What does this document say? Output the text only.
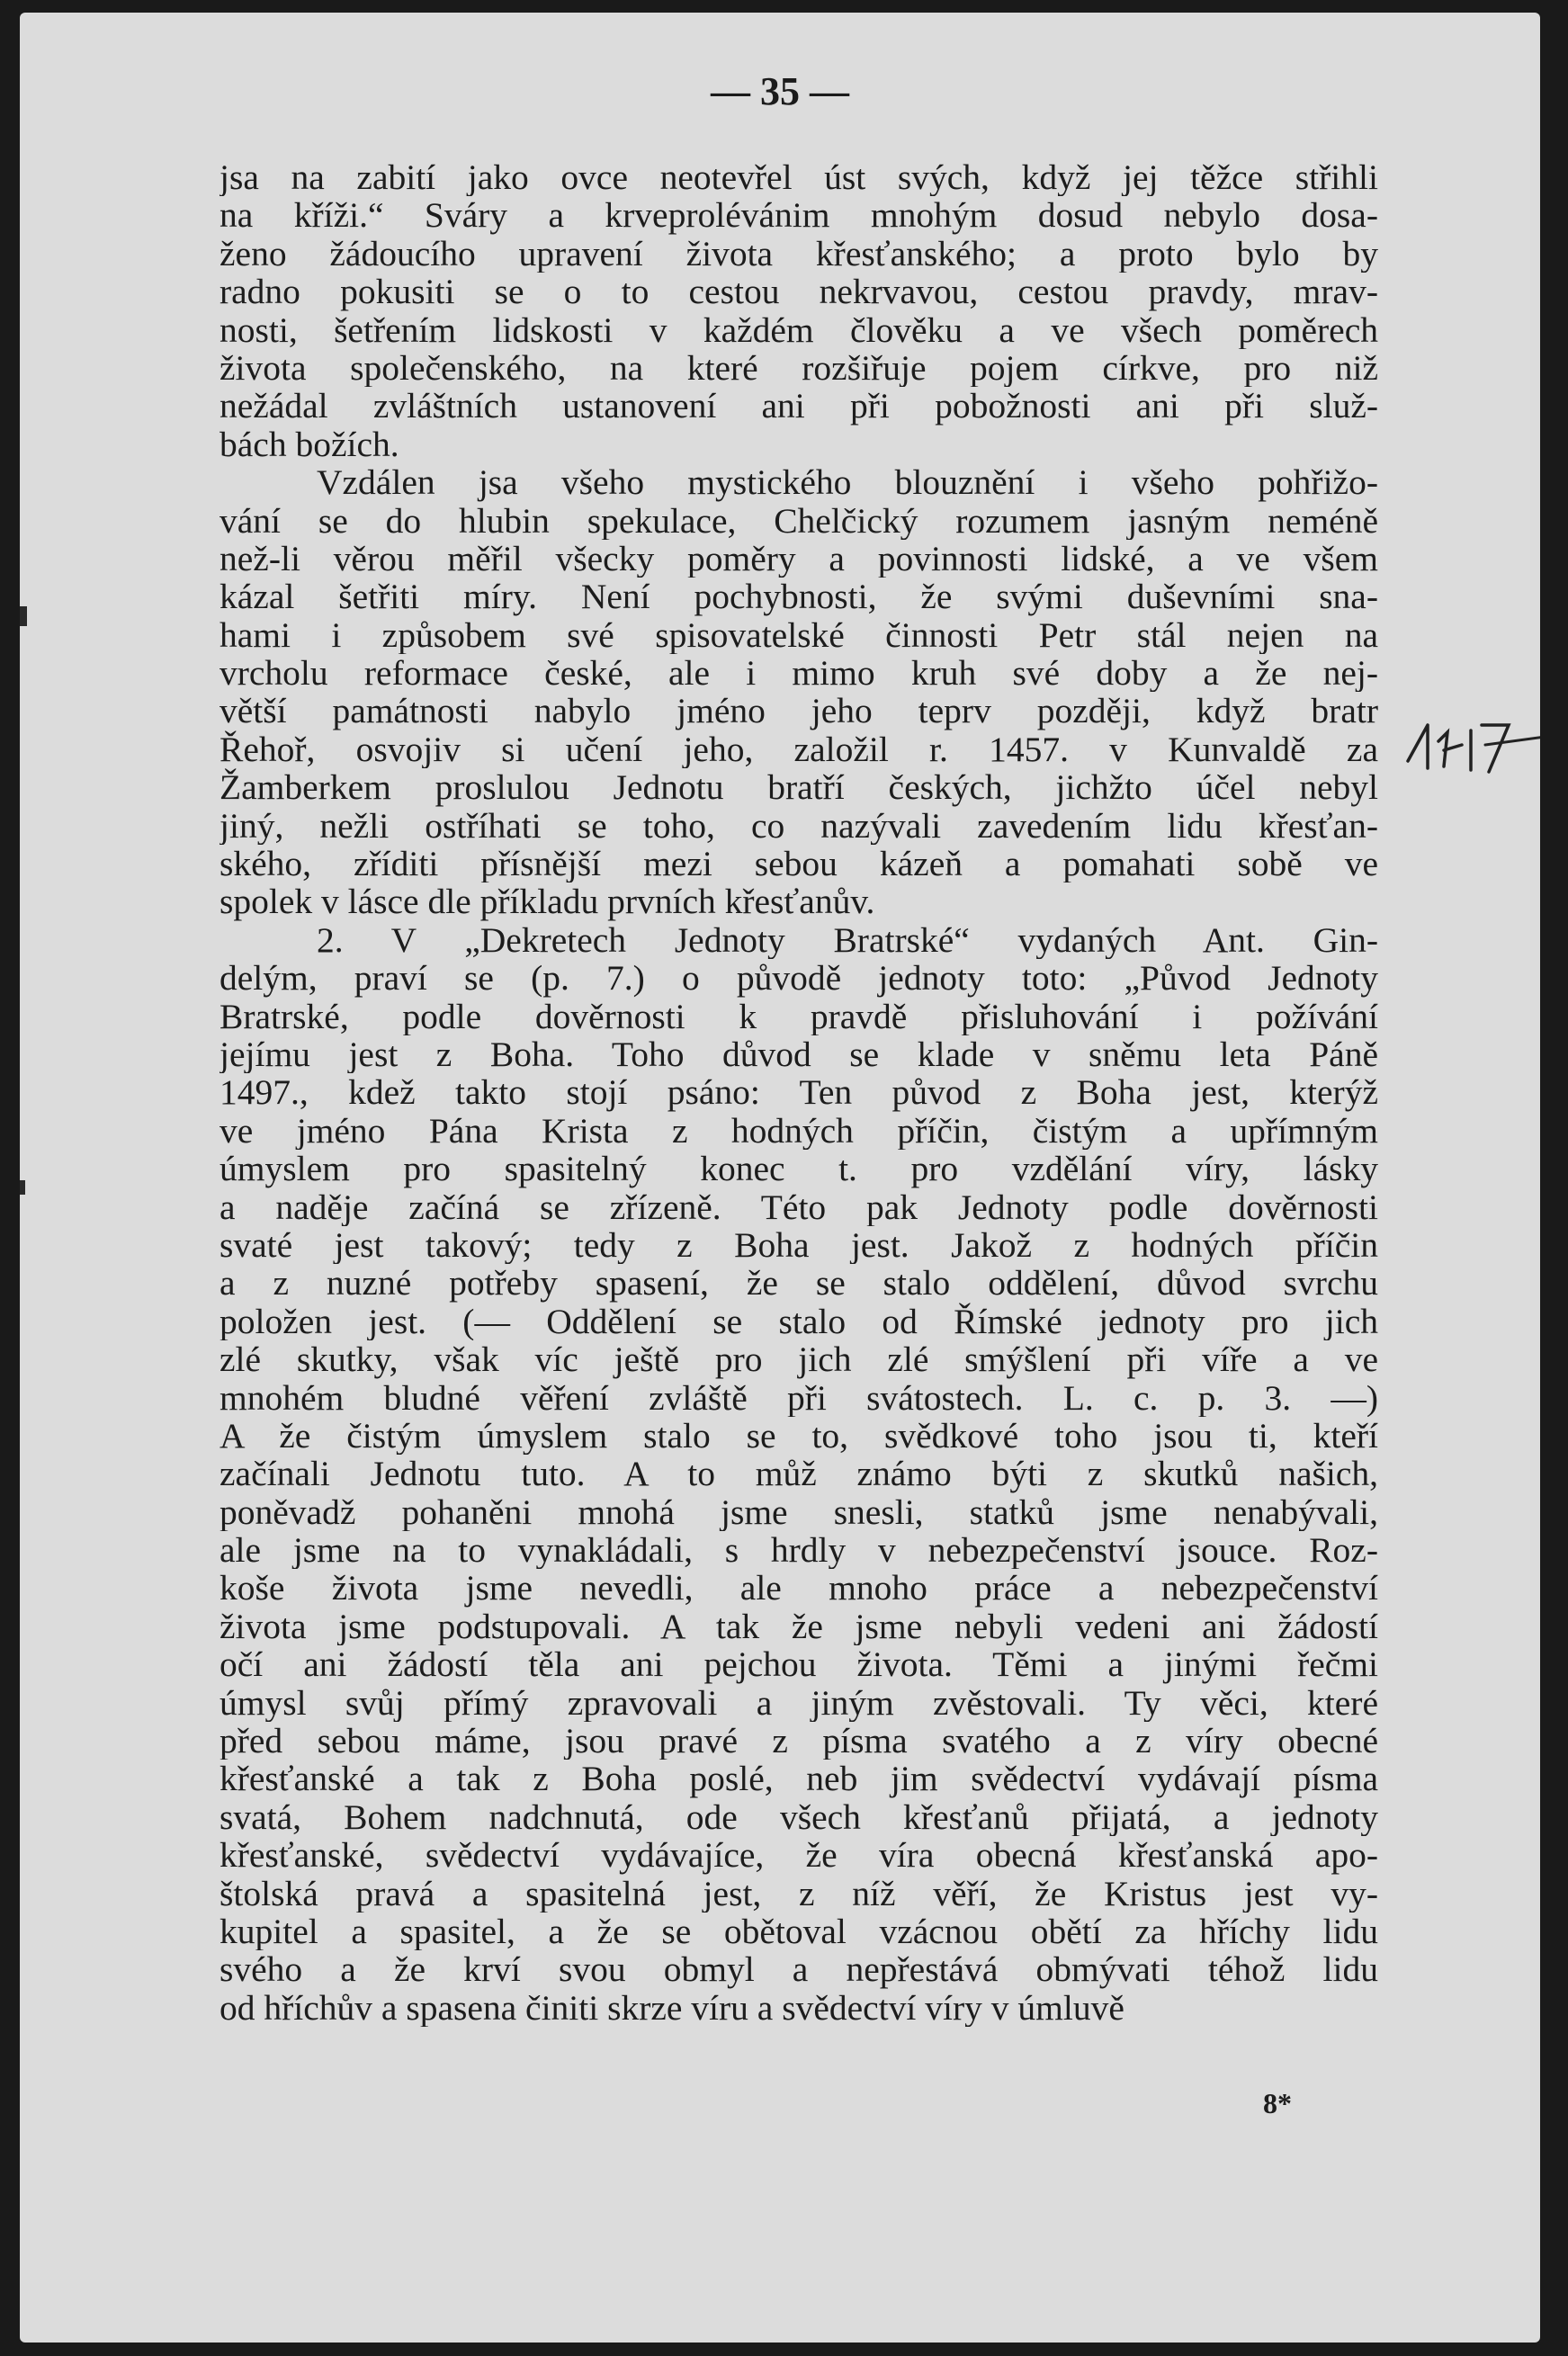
— 35 —
jsa na zabití jako ovce neotevřel úst svých, když jej těžce střihli
na kříži.“ Sváry a krveprolévánim mnohým dosud nebylo dosa-
ženo žádoucího upravení života křesťanského; a proto bylo by
radno pokusiti se o to cestou nekrvavou, cestou pravdy, mrav-
nosti, šetřením lidskosti v každém člověku a ve všech poměrech
života společenského, na které rozšiřuje pojem církve, pro niž
nežádal zvláštních ustanovení ani při pobožnosti ani při služ-
bách božích.
Vzdálen jsa všeho mystického blouznění i všeho pohřižo-
vání se do hlubin spekulace, Chelčický rozumem jasným neméně
než-li věrou měřil všecky poměry a povinnosti lidské, a ve všem
kázal šetřiti míry. Není pochybnosti, že svými duševními sna-
hami i způsobem své spisovatelské činnosti Petr stál nejen na
vrcholu reformace české, ale i mimo kruh své doby a že nej-
větší památnosti nabylo jméno jeho teprv později, když bratr
Řehoř, osvojiv si učení jeho, založil r. 1457. v Kunvaldě za
Žamberkem proslulou Jednotu bratří českých, jichžto účel nebyl
jiný, nežli ostříhati se toho, co nazývali zavedením lidu křesťan-
ského, zříditi přísnější mezi sebou kázeň a pomahati sobě ve
spolek v lásce dle příkladu prvních křesťanův.
2. V „Dekretech Jednoty Bratrské“ vydaných Ant. Gin-
delým, praví se (p. 7.) o původě jednoty toto: „Původ Jednoty
Bratrské, podle dověrnosti k pravdě přisluhování i požívání
jejímu jest z Boha. Toho důvod se klade v sněmu leta Páně
1497., kdež takto stojí psáno: Ten původ z Boha jest, kterýž
ve jméno Pána Krista z hodných příčin, čistým a upřímným
úmyslem pro spasitelný konec t. pro vzdělání víry, lásky
a naděje začíná se zřízeně. Této pak Jednoty podle dověrnosti
svaté jest takový; tedy z Boha jest. Jakož z hodných příčin
a z nuzné potřeby spasení, že se stalo oddělení, důvod svrchu
položen jest. (— Oddělení se stalo od Římské jednoty pro jich
zlé skutky, však víc ještě pro jich zlé smýšlení při víře a ve
mnohém bludné věření zvláště při svátostech. L. c. p. 3. —)
A že čistým úmyslem stalo se to, svědkové toho jsou ti, kteří
začínali Jednotu tuto. A to můž známo býti z skutků našich,
poněvadž pohaněni mnohá jsme snesli, statků jsme nenabývali,
ale jsme na to vynakládali, s hrdly v nebezpečenství jsouce. Roz-
koše života jsme nevedli, ale mnoho práce a nebezpečenství
života jsme podstupovali. A tak že jsme nebyli vedeni ani žádostí
očí ani žádostí těla ani pejchou života. Těmi a jinými řečmi
úmysl svůj přímý zpravovali a jiným zvěstovali. Ty věci, které
před sebou máme, jsou pravé z písma svatého a z víry obecné
křesťanské a tak z Boha poslé, neb jim svědectví vydávají písma
svatá, Bohem nadchnutá, ode všech křesťanů přijatá, a jednoty
křesťanské, svědectví vydávajíce, že víra obecná křesťanská apo-
štolská pravá a spasitelná jest, z níž věří, že Kristus jest vy-
kupitel a spasitel, a že se obětoval vzácnou obětí za hříchy lidu
svého a že krví svou obmyl a nepřestává obmývati téhož lidu
od hříchův a spasena činiti skrze víru a svědectví víry v úmluvě
8*
